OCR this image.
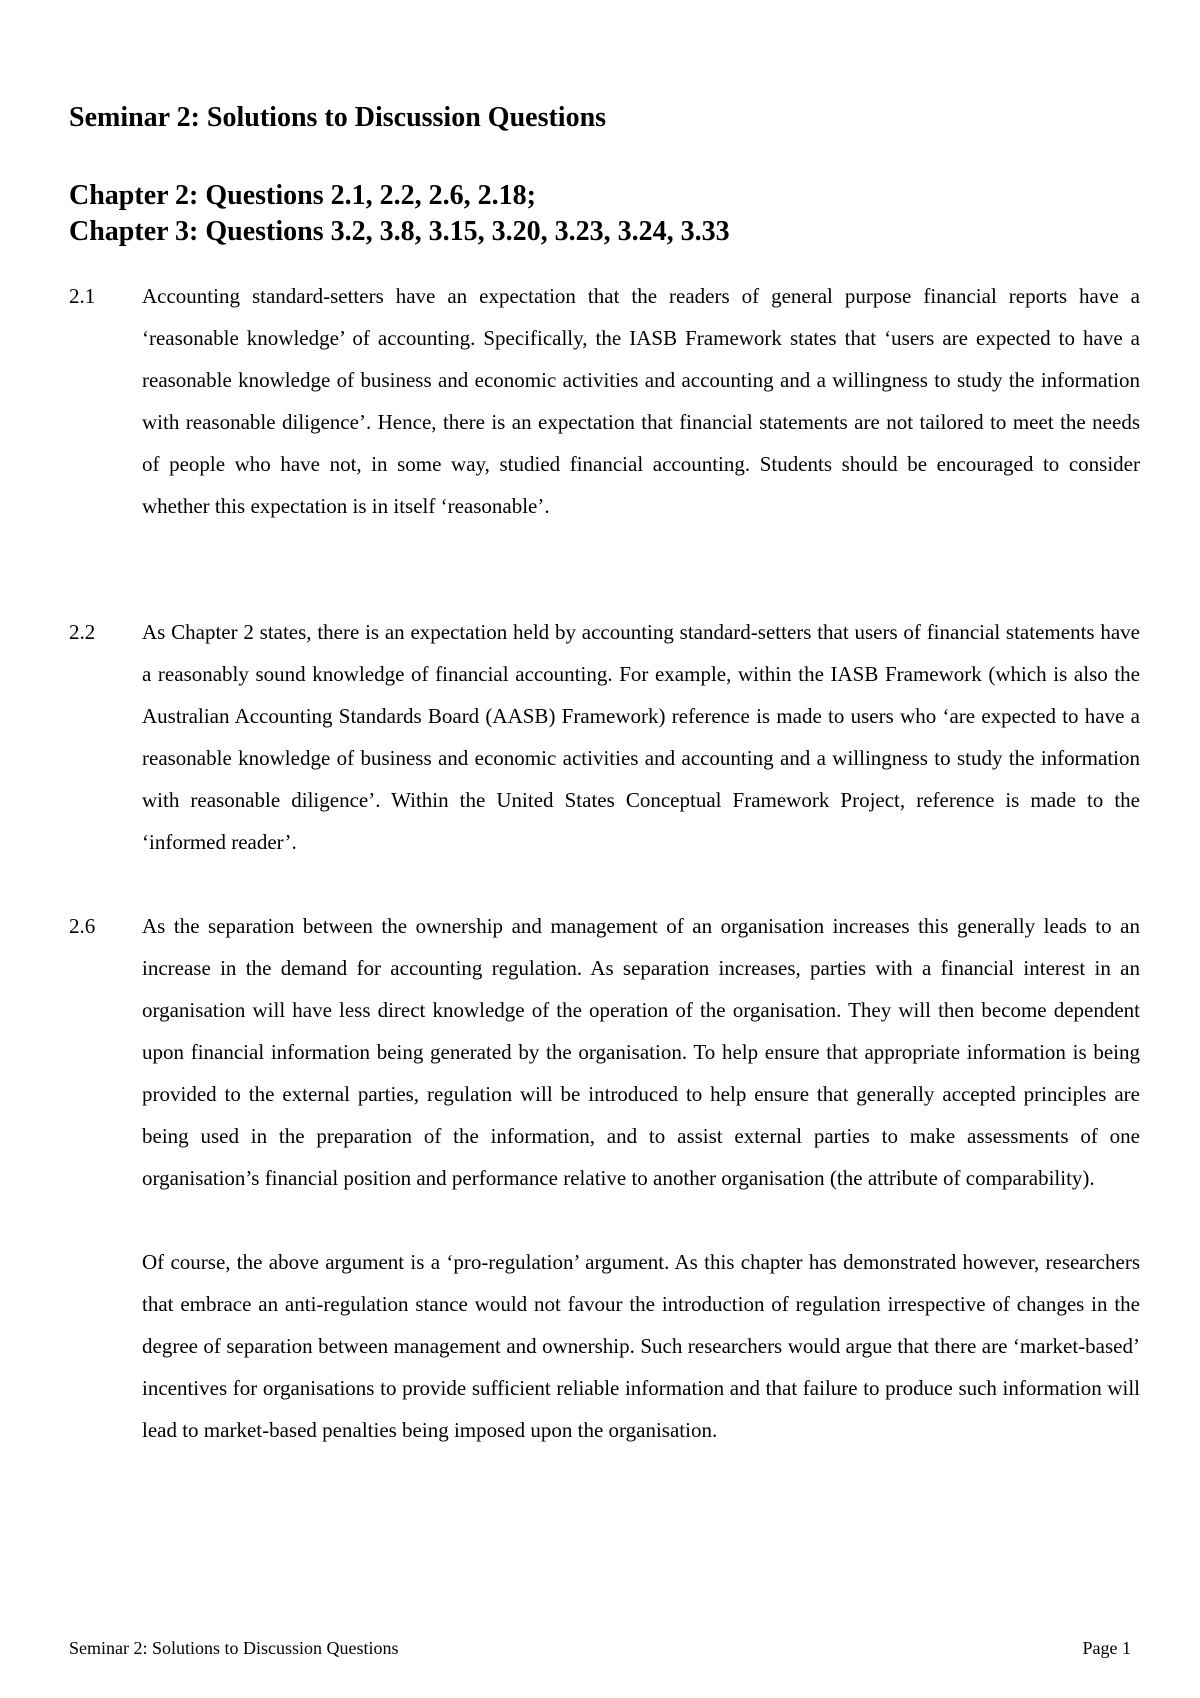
Seminar 2: Solutions to Discussion Questions
Chapter 2: Questions 2.1, 2.2, 2.6, 2.18;
Chapter 3: Questions 3.2, 3.8, 3.15, 3.20, 3.23, 3.24, 3.33
2.1 Accounting standard-setters have an expectation that the readers of general purpose financial reports have a ‘reasonable knowledge’ of accounting. Specifically, the IASB Framework states that ‘users are expected to have a reasonable knowledge of business and economic activities and accounting and a willingness to study the information with reasonable diligence’. Hence, there is an expectation that financial statements are not tailored to meet the needs of people who have not, in some way, studied financial accounting. Students should be encouraged to consider whether this expectation is in itself ‘reasonable’.

2.2 As Chapter 2 states, there is an expectation held by accounting standard-setters that users of financial statements have a reasonably sound knowledge of financial accounting. For example, within the IASB Framework (which is also the Australian Accounting Standards Board (AASB) Framework) reference is made to users who ‘are expected to have a reasonable knowledge of business and economic activities and accounting and a willingness to study the information with reasonable diligence’. Within the United States Conceptual Framework Project, reference is made to the ‘informed reader’.

2.6 As the separation between the ownership and management of an organisation increases this generally leads to an increase in the demand for accounting regulation. As separation increases, parties with a financial interest in an organisation will have less direct knowledge of the operation of the organisation. They will then become dependent upon financial information being generated by the organisation. To help ensure that appropriate information is being provided to the external parties, regulation will be introduced to help ensure that generally accepted principles are being used in the preparation of the information, and to assist external parties to make assessments of one organisation’s financial position and performance relative to another organisation (the attribute of comparability).

Of course, the above argument is a ‘pro-regulation’ argument. As this chapter has demonstrated however, researchers that embrace an anti-regulation stance would not favour the introduction of regulation irrespective of changes in the degree of separation between management and ownership. Such researchers would argue that there are ‘market-based’ incentives for organisations to provide sufficient reliable information and that failure to produce such information will lead to market-based penalties being imposed upon the organisation.

Seminar 2: Solutions to Discussion Questions	Page 1
